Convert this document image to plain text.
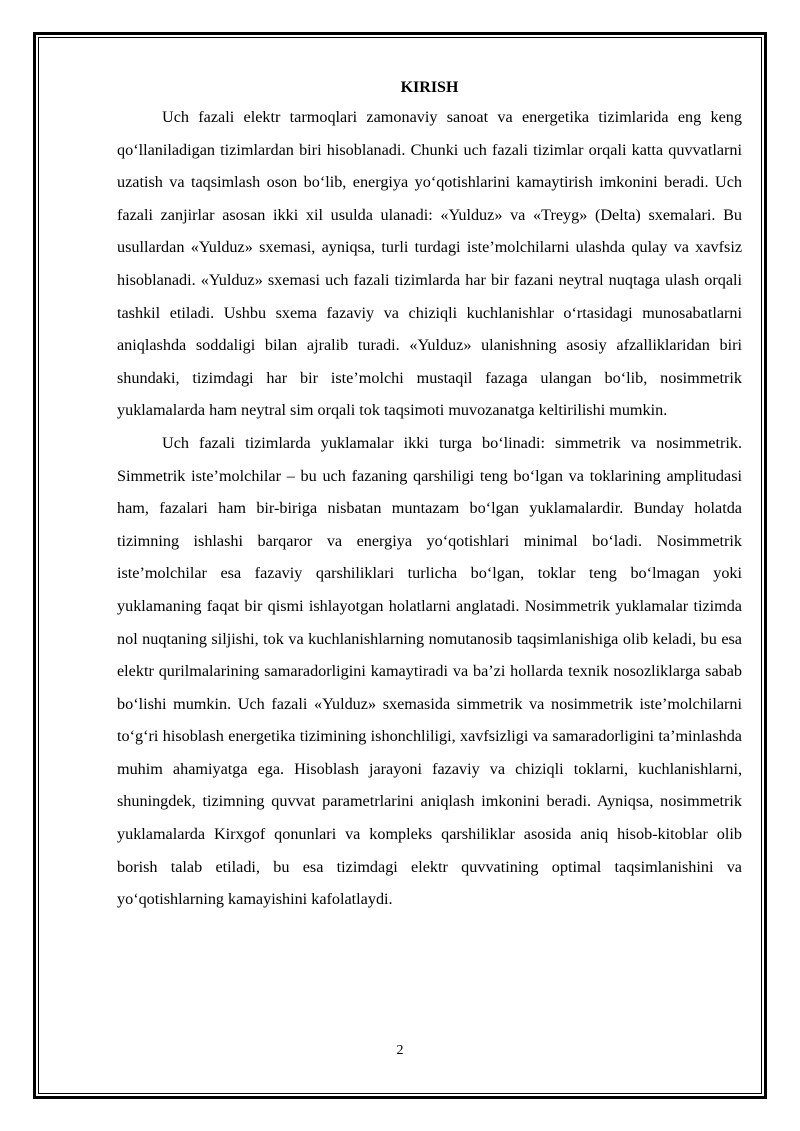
KIRISH

Uch fazali elektr tarmoqlari zamonaviy sanoat va energetika tizimlarida eng keng qo‘llaniladigan tizimlardan biri hisoblanadi. Chunki uch fazali tizimlar orqali katta quvvatlarni uzatish va taqsimlash oson bo‘lib, energiya yo‘qotishlarini kamaytirish imkonini beradi. Uch fazali zanjirlar asosan ikki xil usulda ulanadi: «Yulduz» va «Treyg» (Delta) sxemalari. Bu usullardan «Yulduz» sxemasi, ayniqsa, turli turdagi iste’molchilarni ulashda qulay va xavfsiz hisoblanadi. «Yulduz» sxemasi uch fazali tizimlarda har bir fazani neytral nuqtaga ulash orqali tashkil etiladi. Ushbu sxema fazaviy va chiziqli kuchlanishlar o‘rtasidagi munosabatlarni aniqlashda soddaligi bilan ajralib turadi. «Yulduz» ulanishning asosiy afzalliklaridan biri shundaki, tizimdagi har bir iste’molchi mustaqil fazaga ulangan bo‘lib, nosimmetrik yuklamalarda ham neytral sim orqali tok taqsimoti muvozanatga keltirilishi mumkin.

Uch fazali tizimlarda yuklamalar ikki turga bo‘linadi: simmetrik va nosimmetrik. Simmetrik iste’molchilar – bu uch fazaning qarshiligi teng bo‘lgan va toklarining amplitudasi ham, fazalari ham bir-biriga nisbatan muntazam bo‘lgan yuklamalardir. Bunday holatda tizimning ishlashi barqaror va energiya yo‘qotishlari minimal bo‘ladi. Nosimmetrik iste’molchilar esa fazaviy qarshiliklari turlicha bo‘lgan, toklar teng bo‘lmagan yoki yuklamaning faqat bir qismi ishlayotgan holatlarni anglatadi. Nosimmetrik yuklamalar tizimda nol nuqtaning siljishi, tok va kuchlanishlarning nomutanosib taqsimlanishiga olib keladi, bu esa elektr qurilmalarining samaradorligini kamaytiradi va ba’zi hollarda texnik nosozliklarga sabab bo‘lishi mumkin. Uch fazali «Yulduz» sxemasida simmetrik va nosimmetrik iste’molchilarni to‘g‘ri hisoblash energetika tizimining ishonchliligi, xavfsizligi va samaradorligini ta’minlashda muhim ahamiyatga ega. Hisoblash jarayoni fazaviy va chiziqli toklarni, kuchlanishlarni, shuningdek, tizimning quvvat parametrlarini aniqlash imkonini beradi. Ayniqsa, nosimmetrik yuklamalarda Kirxgof qonunlari va kompleks qarshiliklar asosida aniq hisob-kitoblar olib borish talab etiladi, bu esa tizimdagi elektr quvvatining optimal taqsimlanishini va yo‘qotishlarning kamayishini kafolatlaydi.

2
